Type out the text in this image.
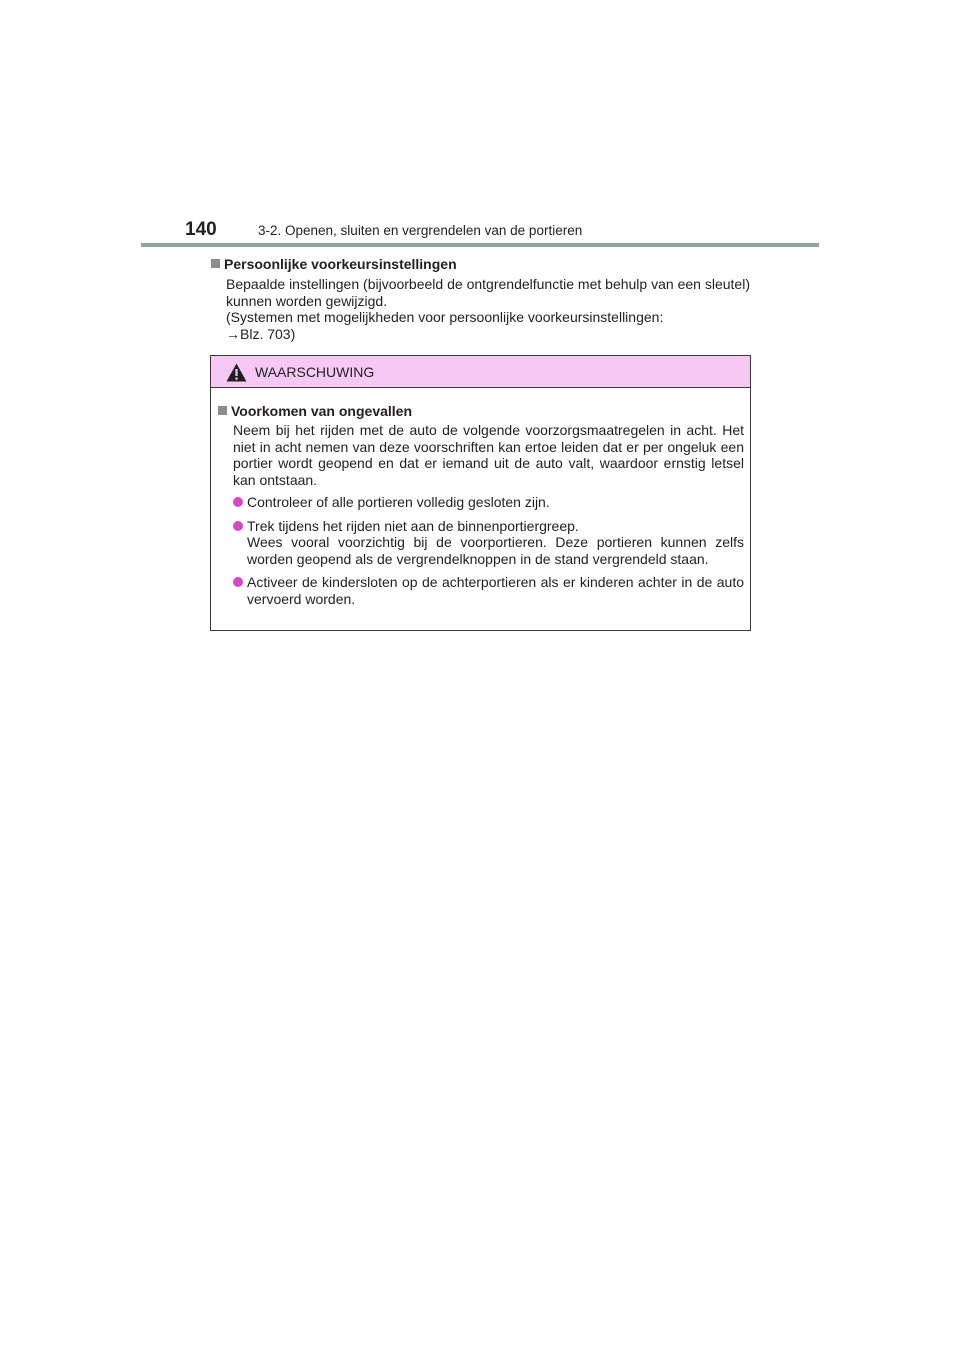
140	3-2. Openen, sluiten en vergrendelen van de portieren
Persoonlijke voorkeursinstellingen

Bepaalde instellingen (bijvoorbeeld de ontgrendelfunctie met behulp van een sleutel) kunnen worden gewijzigd.

(Systemen met mogelijkheden voor persoonlijke voorkeursinstellingen:

→Blz. 703)

WAARSCHUWING
Voorkomen van ongevallen

Neem bij het rijden met de auto de volgende voorzorgsmaatregelen in acht. Het niet in acht nemen van deze voorschriften kan ertoe leiden dat er per ongeluk een portier wordt geopend en dat er iemand uit de auto valt, waardoor ernstig letsel kan ontstaan.

Controleer of alle portieren volledig gesloten zijn.
Trek tijdens het rijden niet aan de binnenportiergreep.
Wees vooral voorzichtig bij de voorportieren. Deze portieren kunnen zelfs worden geopend als de vergrendelknoppen in de stand vergrendeld staan.
Activeer de kindersloten op de achterportieren als er kinderen achter in de auto vervoerd worden.
